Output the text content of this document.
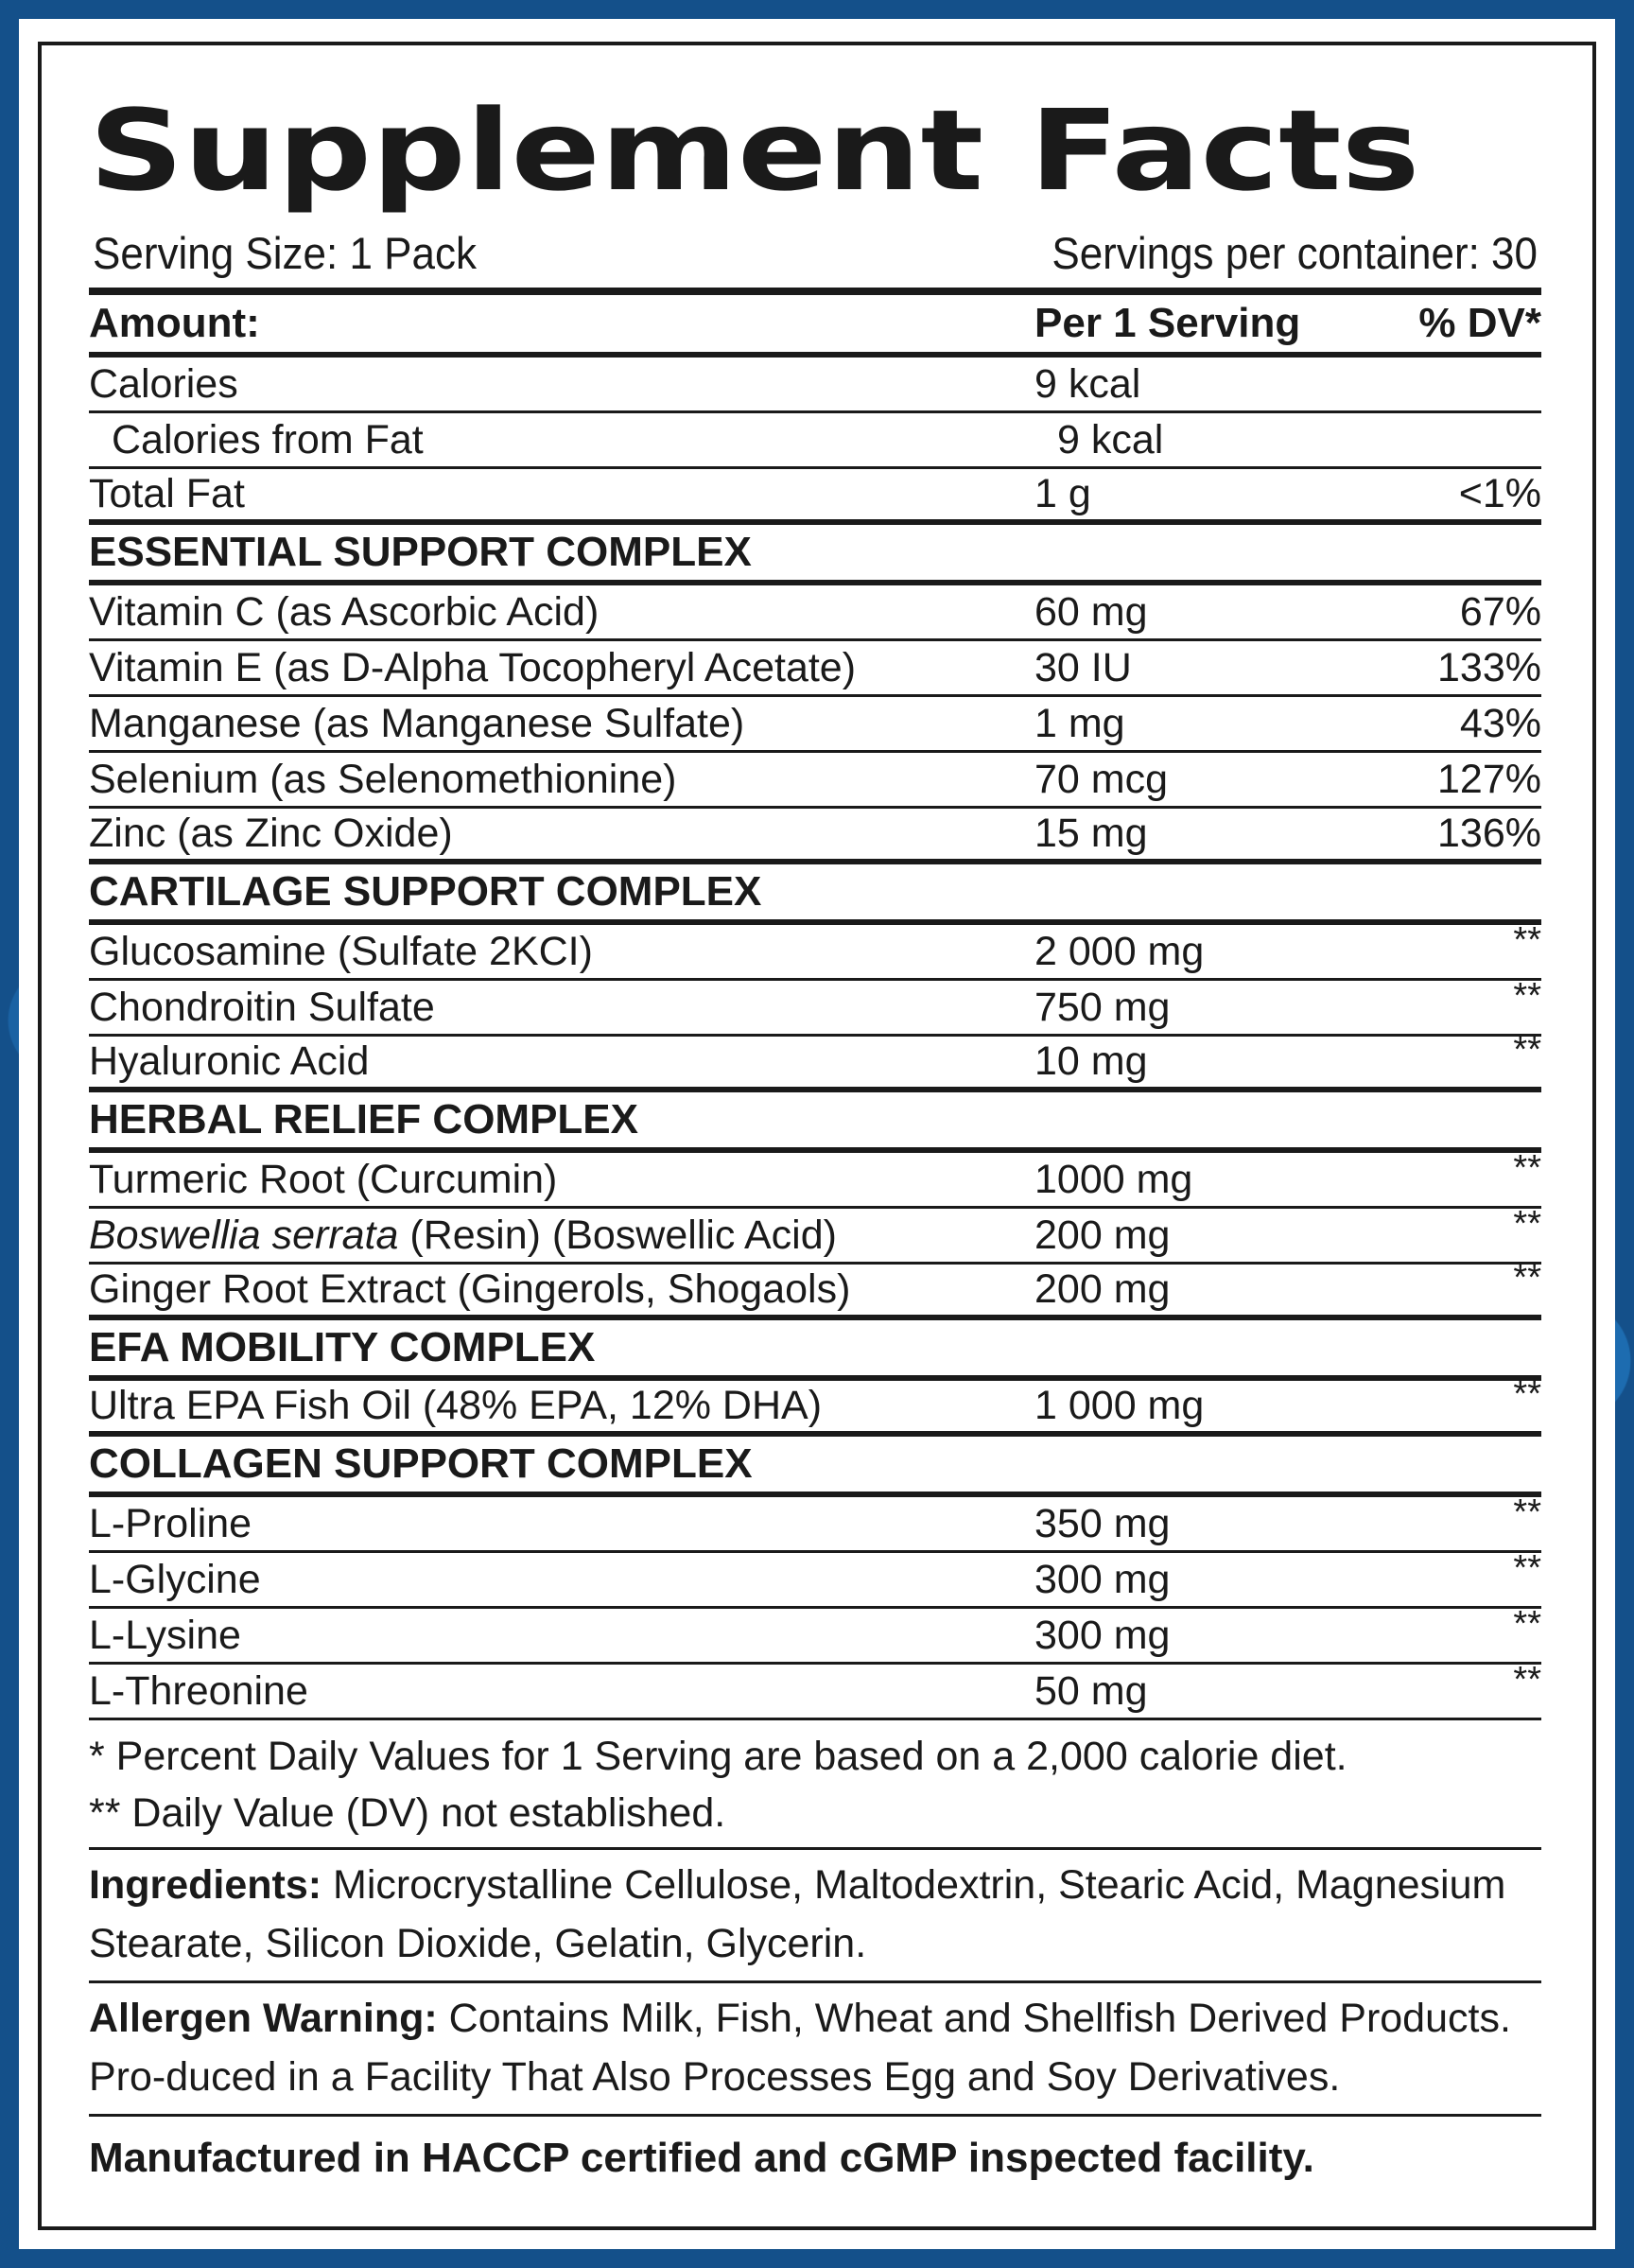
Supplement Facts
Serving Size: 1 Pack	Servings per container: 30
Amount:	Per 1 Serving	% DV*
Calories	9 kcal
Calories from Fat	9 kcal
Total Fat	1 g	<1%
ESSENTIAL SUPPORT COMPLEX
Vitamin C (as Ascorbic Acid)	60 mg	67%
Vitamin E (as D-Alpha Tocopheryl Acetate)	30 IU	133%
Manganese (as Manganese Sulfate)	1 mg	43%
Selenium (as Selenomethionine)	70 mcg	127%
Zinc (as Zinc Oxide)	15 mg	136%
CARTILAGE SUPPORT COMPLEX
Glucosamine (Sulfate 2KCI)	2 000 mg	**
Chondroitin Sulfate	750 mg	**
Hyaluronic Acid	10 mg	**
HERBAL RELIEF COMPLEX
Turmeric Root (Curcumin)	1000 mg	**
Boswellia serrata (Resin) (Boswellic Acid)	200 mg	**
Ginger Root Extract (Gingerols, Shogaols)	200 mg	**
EFA MOBILITY COMPLEX
Ultra EPA Fish Oil (48% EPA, 12% DHA)	1 000 mg	**
COLLAGEN SUPPORT COMPLEX
L-Proline	350 mg	**
L-Glycine	300 mg	**
L-Lysine	300 mg	**
L-Threonine	50 mg	**
* Percent Daily Values for 1 Serving are based on a 2,000 calorie diet.
** Daily Value (DV) not established.
Ingredients: Microcrystalline Cellulose, Maltodextrin, Stearic Acid, Magnesium Stearate, Silicon Dioxide, Gelatin, Glycerin.
Allergen Warning: Contains Milk, Fish, Wheat and Shellfish Derived Products. Pro-duced in a Facility That Also Processes Egg and Soy Derivatives.
Manufactured in HACCP certified and cGMP inspected facility.
